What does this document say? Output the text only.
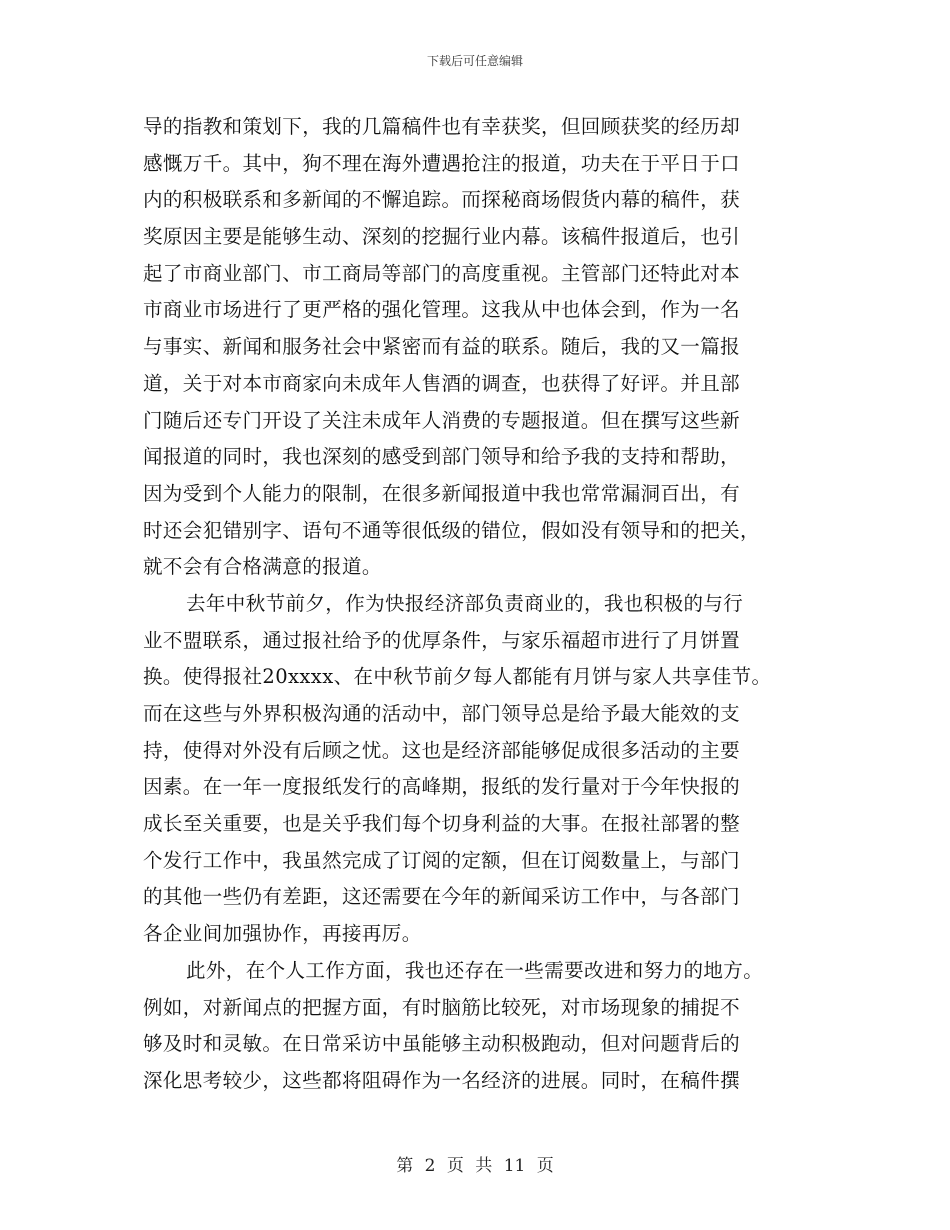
下载后可任意编辑
导的指教和策划下，我的几篇稿件也有幸获奖，但回顾获奖的经历却
感慨万千。其中，狗不理在海外遭遇抢注的报道，功夫在于平日于口
内的积极联系和多新闻的不懈追踪。而探秘商场假货内幕的稿件，获
奖原因主要是能够生动、深刻的挖掘行业内幕。该稿件报道后，也引
起了市商业部门、市工商局等部门的高度重视。主管部门还特此对本
市商业市场进行了更严格的强化管理。这我从中也体会到，作为一名
与事实、新闻和服务社会中紧密而有益的联系。随后，我的又一篇报
道，关于对本市商家向未成年人售酒的调查，也获得了好评。并且部
门随后还专门开设了关注未成年人消费的专题报道。但在撰写这些新
闻报道的同时，我也深刻的感受到部门领导和给予我的支持和帮助，
因为受到个人能力的限制，在很多新闻报道中我也常常漏洞百出，有
时还会犯错别字、语句不通等很低级的错位，假如没有领导和的把关，
就不会有合格满意的报道。
去年中秋节前夕，作为快报经济部负责商业的，我也积极的与行
业不盟联系，通过报社给予的优厚条件，与家乐福超市进行了月饼置
换。使得报社20xxxx、在中秋节前夕每人都能有月饼与家人共享佳节。
而在这些与外界积极沟通的活动中，部门领导总是给予最大能效的支
持，使得对外没有后顾之忧。这也是经济部能够促成很多活动的主要
因素。在一年一度报纸发行的高峰期，报纸的发行量对于今年快报的
成长至关重要，也是关乎我们每个切身利益的大事。在报社部署的整
个发行工作中，我虽然完成了订阅的定额，但在订阅数量上，与部门
的其他一些仍有差距，这还需要在今年的新闻采访工作中，与各部门
各企业间加强协作，再接再厉。
此外，在个人工作方面，我也还存在一些需要改进和努力的地方。
例如，对新闻点的把握方面，有时脑筋比较死，对市场现象的捕捉不
够及时和灵敏。在日常采访中虽能够主动积极跑动，但对问题背后的
深化思考较少，这些都将阻碍作为一名经济的进展。同时，在稿件撰
第 2 页 共 11 页
